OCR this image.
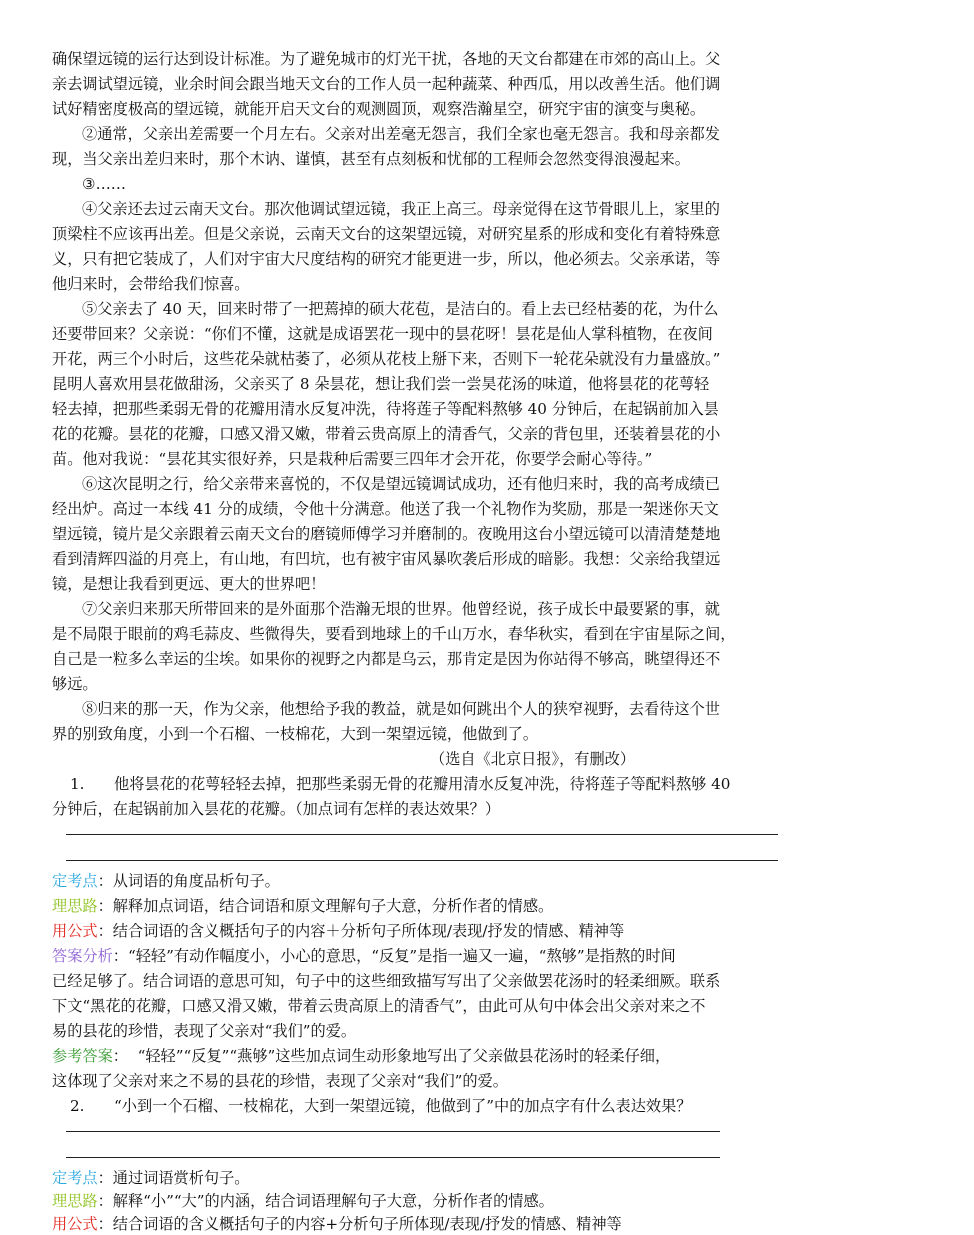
确保望远镜的运行达到设计标准。为了避免城市的灯光干扰，各地的天文台都建在市郊的高山上。父
亲去调试望远镜，业余时间会跟当地天文台的工作人员一起种蔬菜、种西瓜，用以改善生活。他们调
试好精密度极高的望远镜，就能开启天文台的观测圆顶，观察浩瀚星空，研究宇宙的演变与奥秘。
②通常，父亲出差需要一个月左右。父亲对出差毫无怨言，我们全家也毫无怨言。我和母亲都发
现，当父亲出差归来时，那个木讷、谨慎，甚至有点刻板和忧郁的工程师会忽然变得浪漫起来。
③……
④父亲还去过云南天文台。那次他调试望远镜，我正上高三。母亲觉得在这节骨眼儿上，家里的
顶梁柱不应该再出差。但是父亲说，云南天文台的这架望远镜，对研究星系的形成和变化有着特殊意
义，只有把它装成了，人们对宇宙大尺度结构的研究才能更进一步，所以，他必须去。父亲承诺，等
他归来时，会带给我们惊喜。
⑤父亲去了 40 天，回来时带了一把蔫掉的硕大花苞，是洁白的。看上去已经枯萎的花，为什么
还要带回来？父亲说：“你们不懂，这就是成语罢花一现中的昙花呀！昙花是仙人掌科植物，在夜间
开花，两三个小时后，这些花朵就枯萎了，必须从花枝上掰下来，否则下一轮花朵就没有力量盛放。”
昆明人喜欢用昙花做甜汤，父亲买了 8 朵昙花，想让我们尝一尝昊花汤的味道，他将昙花的花萼轻
轻去掉，把那些柔弱无骨的花瓣用清水反复冲洗，待将莲子等配料熬够 40 分钟后，在起锅前加入昙
花的花瓣。昙花的花瓣，口感又滑又嫩，带着云贵高原上的清香气，父亲的背包里，还装着昙花的小
苗。他对我说：“昙花其实很好养，只是栽种后需要三四年才会开花，你要学会耐心等待。”
⑥这次昆明之行，给父亲带来喜悦的，不仅是望远镜调试成功，还有他归来时，我的高考成绩已
经出炉。高过一本线 41 分的成绩，令他十分满意。他送了我一个礼物作为奖励，那是一架迷你天文
望远镜，镜片是父亲跟着云南天文台的磨镜师傅学习并磨制的。夜晚用这台小望远镜可以清清楚楚地
看到清辉四溢的月亮上，有山地，有凹坑，也有被宇宙风暴吹袭后形成的暗影。我想：父亲给我望远
镜，是想让我看到更远、更大的世界吧！
⑦父亲归来那天所带回来的是外面那个浩瀚无垠的世界。他曾经说，孩子成长中最要紧的事，就
是不局限于眼前的鸡毛蒜皮、些微得失，要看到地球上的千山万水，春华秋实，看到在宇宙星际之间，
自己是一粒多么幸运的尘埃。如果你的视野之内都是乌云，那肯定是因为你站得不够高，眺望得还不
够远。
⑧归来的那一天，作为父亲，他想给予我的教益，就是如何跳出个人的狭窄视野，去看待这个世
界的别致角度，小到一个石榴、一枝棉花，大到一架望远镜，他做到了。
（选自《北京日报》，有删改）
1. 他将昙花的花萼轻轻去掉，把那些柔弱无骨的花瓣用清水反复冲洗，待将莲子等配料熬够 40
分钟后，在起锅前加入昙花的花瓣。（加点词有怎样的表达效果？）
定考点：从词语的角度品析句子。
理思路：解释加点词语，结合词语和原文理解句子大意，分析作者的情感。
用公式：结合词语的含义概括句子的内容＋分析句子所体现/表现/抒发的情感、精神等
答案分析：“轻轻”有动作幅度小，小心的意思，“反复”是指一遍又一遍，“熬够”是指熬的时间
已经足够了。结合词语的意思可知，句子中的这些细致描写写出了父亲做罢花汤时的轻柔细厥。联系
下文“黑花的花瓣，口感又滑又嫩，带着云贵高原上的清香气”，由此可从句中体会出父亲对来之不
易的县花的珍惜，表现了父亲对“我们”的爱。
参考答案：  “轻轻”“反复”“燕够”这些加点词生动形象地写出了父亲做县花汤时的轻柔仔细，
这体现了父亲对来之不易的县花的珍惜，表现了父亲对“我们”的爱。
2. “小到一个石榴、一枝棉花，大到一架望远镜，他做到了”中的加点字有什么表达效果？
定考点：通过词语赏析句子。
理思路：解释“小”“大”的内涵，结合词语理解句子大意，分析作者的情感。
用公式：结合词语的含义概括句子的内容+分析句子所体现/表现/抒发的情感、精神等
